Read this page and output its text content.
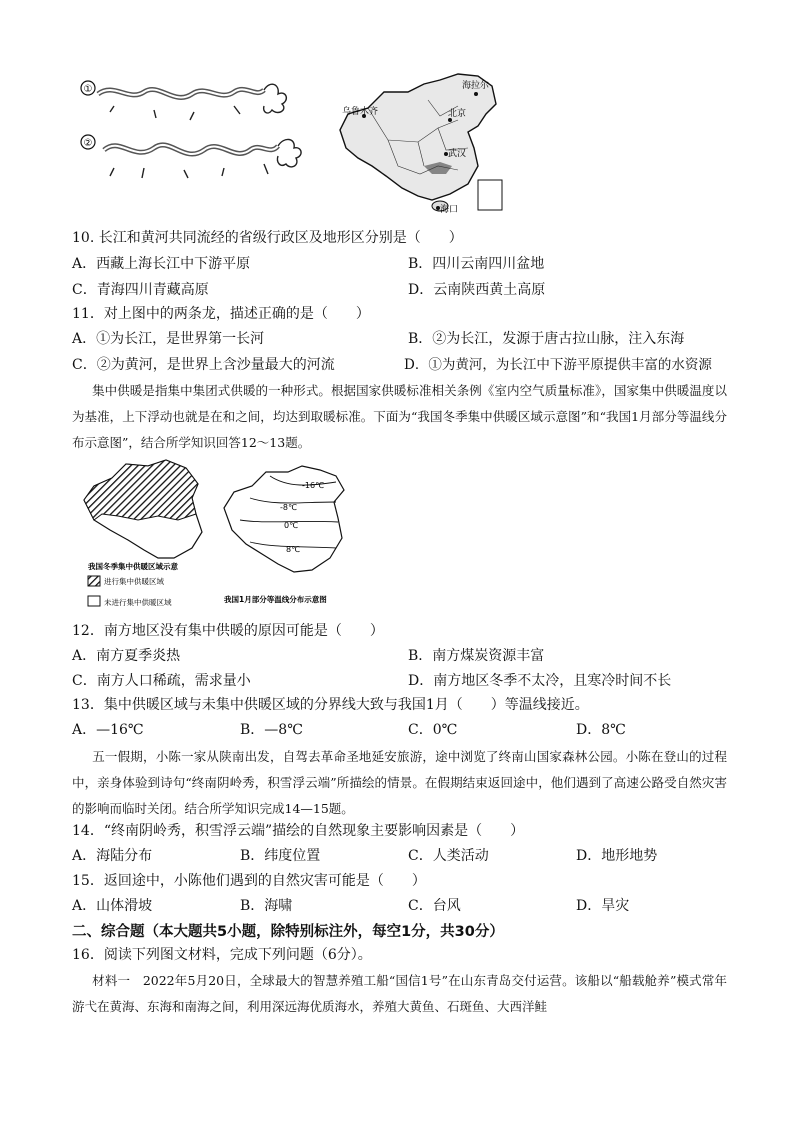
①
②
海拉尔
乌鲁木齐	北京
武汉
海口
10. 长江和黄河共同流经的省级行政区及地形区分别是（　　）
A．西藏上海长江中下游平原	B．四川云南四川盆地
C．青海四川青藏高原	D．云南陕西黄土高原
11．对上图中的两条龙，描述正确的是（　　）
A．①为长江，是世界第一长河	B．②为长江，发源于唐古拉山脉，注入东海
C．②为黄河，是世界上含沙量最大的河流	D．①为黄河，为长江中下游平原提供丰富的水资源
集中供暖是指集中集团式供暖的一种形式。根据国家供暖标准相关条例《室内空气质量标准》，国家集中供暖温度以为基准，上下浮动也就是在和之间，均达到取暖标准。下面为“我国冬季集中供暖区域示意图”和“我国1月部分等温线分布示意图”，结合所学知识回答12～13题。
我国冬季集中供暖区域示意
进行集中供暖区域
未进行集中供暖区域
-16℃
-8℃
0℃
8℃
我国1月部分等温线分布示意图
12．南方地区没有集中供暖的原因可能是（　　）
A．南方夏季炎热	B．南方煤炭资源丰富
C．南方人口稀疏，需求量小	D．南方地区冬季不太冷，且寒冷时间不长
13．集中供暖区域与未集中供暖区域的分界线大致与我国1月（　　）等温线接近。
A．—16℃	B．—8℃	C．0℃	D．8℃
五一假期，小陈一家从陕南出发，自驾去革命圣地延安旅游，途中浏览了终南山国家森林公园。小陈在登山的过程中，亲身体验到诗句“终南阴岭秀，积雪浮云端”所描绘的情景。在假期结束返回途中，他们遇到了高速公路受自然灾害的影响而临时关闭。结合所学知识完成14—15题。
14．“终南阴岭秀，积雪浮云端”描绘的自然现象主要影响因素是（　　）
A．海陆分布	B．纬度位置	C．人类活动	D．地形地势
15．返回途中，小陈他们遇到的自然灾害可能是（　　）
A．山体滑坡	B．海啸	C．台风	D．旱灾
二、综合题（本大题共5小题，除特别标注外，每空1分，共30分）
16．阅读下列图文材料，完成下列问题（6分）。
材料一　2022年5月20日，全球最大的智慧养殖工船“国信1号”在山东青岛交付运营。该船以“船载舱养”模式常年游弋在黄海、东海和南海之间，利用深远海优质海水，养殖大黄鱼、石斑鱼、大西洋鲑
